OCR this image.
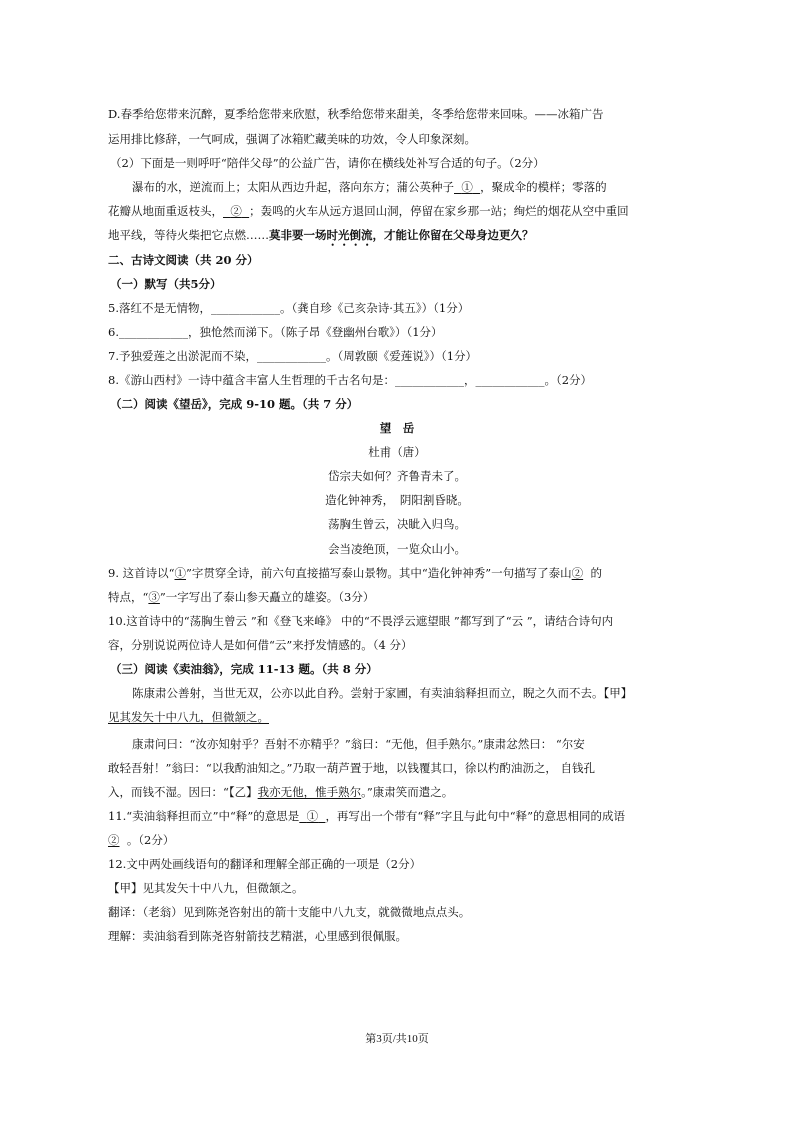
D.春季给您带来沉醉，夏季给您带来欣慰，秋季给您带来甜美，冬季给您带来回味。——冰箱广告
运用排比修辞，一气呵成，强调了冰箱贮藏美味的功效，令人印象深刻。
（2）下面是一则呼吁“陪伴父母”的公益广告，请你在横线处补写合适的句子。（2分）
瀑布的水，逆流而上；太阳从西边升起，落向东方；蒲公英种子 ① ，聚成伞的模样；零落的
花瓣从地面重返枝头， ② ；轰鸣的火车从远方退回山洞，停留在家乡那一站；绚烂的烟花从空中重回
地平线，等待火柴把它点燃……莫非要一场时光倒流，才能让你留在父母身边更久？
二、古诗文阅读（共 20 分）
（一）默写（共5分）
5.落红不是无情物，____________。（龚自珍《己亥杂诗·其五》）（1分）
6.____________，独怆然而涕下。（陈子昂《登幽州台歌》）（1分）
7.予独爱莲之出淤泥而不染，____________。（周敦颐《爱莲说》）（1分）
8.《游山西村》一诗中蕴含丰富人生哲理的千古名句是：____________，____________。（2分）
（二）阅读《望岳》，完成 9-10 题。（共 7 分）
望　岳
杜甫（唐）
岱宗夫如何？齐鲁青未了。
造化钟神秀，　阴阳割昏晓。
荡胸生曾云，决眦入归鸟。
会当凌绝顶，一览众山小。
9. 这首诗以“①”字贯穿全诗，前六句直接描写泰山景物。其中“造化钟神秀”一句描写了泰山② 的
特点，“③”一字写出了泰山参天矗立的雄姿。（3分）
10.这首诗中的“荡胸生曾云 ”和《登飞来峰》 中的“不畏浮云遮望眼 ”都写到了“云 ”，请结合诗句内
容，分别说说两位诗人是如何借“云”来抒发情感的。（4 分）
（三）阅读《卖油翁》，完成 11-13 题。（共 8 分）
陈康肃公善射，当世无双，公亦以此自矜。尝射于家圃，有卖油翁释担而立，睨之久而不去。【甲】
见其发矢十中八九，但微颔之。
康肃问曰：“汝亦知射乎？吾射不亦精乎？”翁曰：“无他，但手熟尔。”康肃忿然曰： “尔安
敢轻吾射！”翁曰：“以我酌油知之。”乃取一葫芦置于地，以钱覆其口，徐以杓酌油沥之， 自钱孔
入，而钱不湿。因曰：“【乙】我亦无他，惟手熟尔。”康肃笑而遣之。
11.“卖油翁释担而立”中“释”的意思是 ① ，再写出一个带有“释”字且与此句中“释”的意思相同的成语
② 。（2分）
12.文中两处画线语句的翻译和理解全部正确的一项是（2分）
【甲】见其发矢十中八九，但微颔之。
翻译：（老翁）见到陈尧咨射出的箭十支能中八九支，就微微地点点头。
理解：卖油翁看到陈尧咨射箭技艺精湛，心里感到很佩服。
第3页/共10页
